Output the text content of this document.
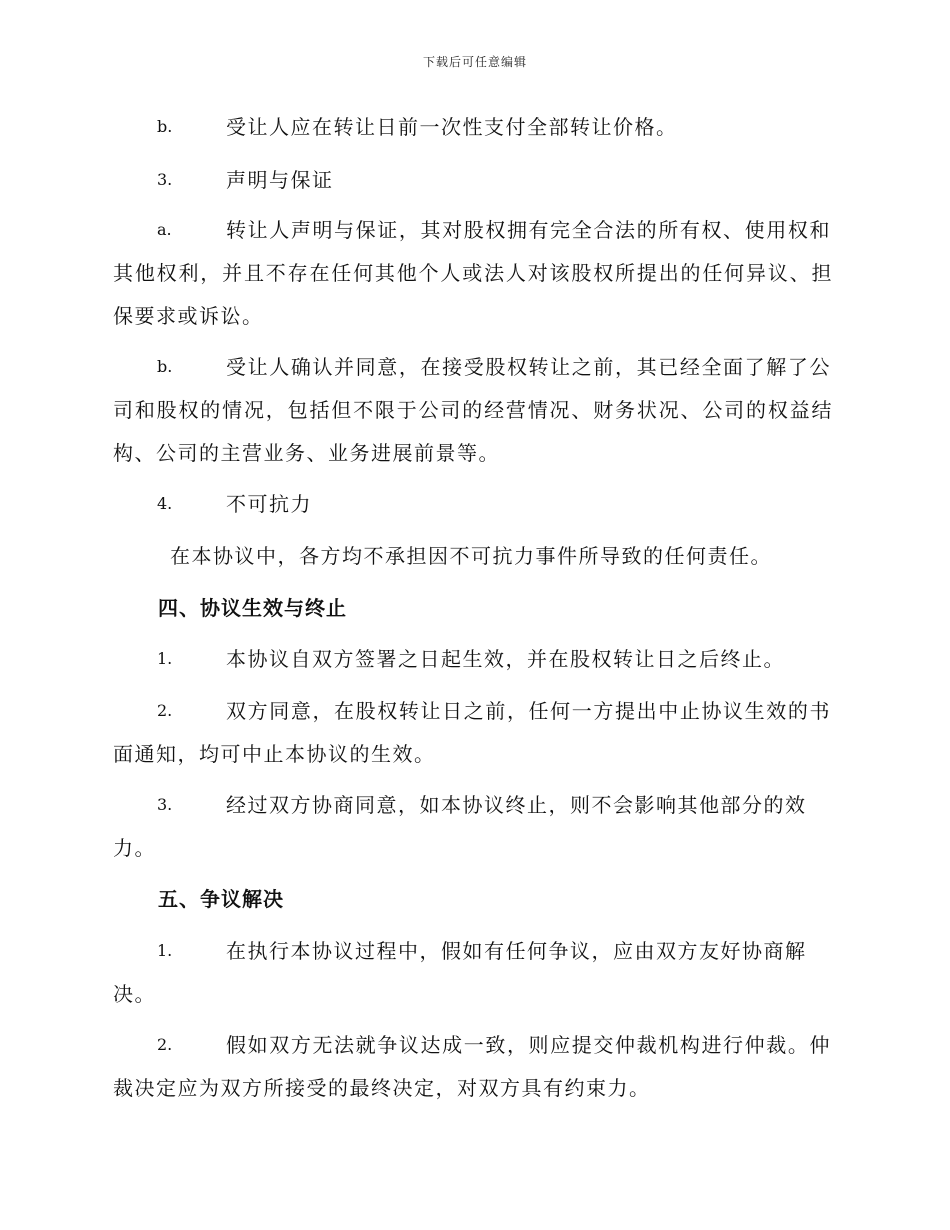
下载后可任意编辑
b.	受让人应在转让日前一次性支付全部转让价格。
3.	声明与保证
a.	转让人声明与保证，其对股权拥有完全合法的所有权、使用权和
其他权利，并且不存在任何其他个人或法人对该股权所提出的任何异议、担
保要求或诉讼。
b.	受让人确认并同意，在接受股权转让之前，其已经全面了解了公
司和股权的情况，包括但不限于公司的经营情况、财务状况、公司的权益结
构、公司的主营业务、业务进展前景等。
4.	不可抗力
在本协议中，各方均不承担因不可抗力事件所导致的任何责任。
四、协议生效与终止
1.	本协议自双方签署之日起生效，并在股权转让日之后终止。
2.	双方同意，在股权转让日之前，任何一方提出中止协议生效的书
面通知，均可中止本协议的生效。
3.	经过双方协商同意，如本协议终止，则不会影响其他部分的效
力。
五、争议解决
1.	在执行本协议过程中，假如有任何争议，应由双方友好协商解
决。
2.	假如双方无法就争议达成一致，则应提交仲裁机构进行仲裁。仲
裁决定应为双方所接受的最终决定，对双方具有约束力。
